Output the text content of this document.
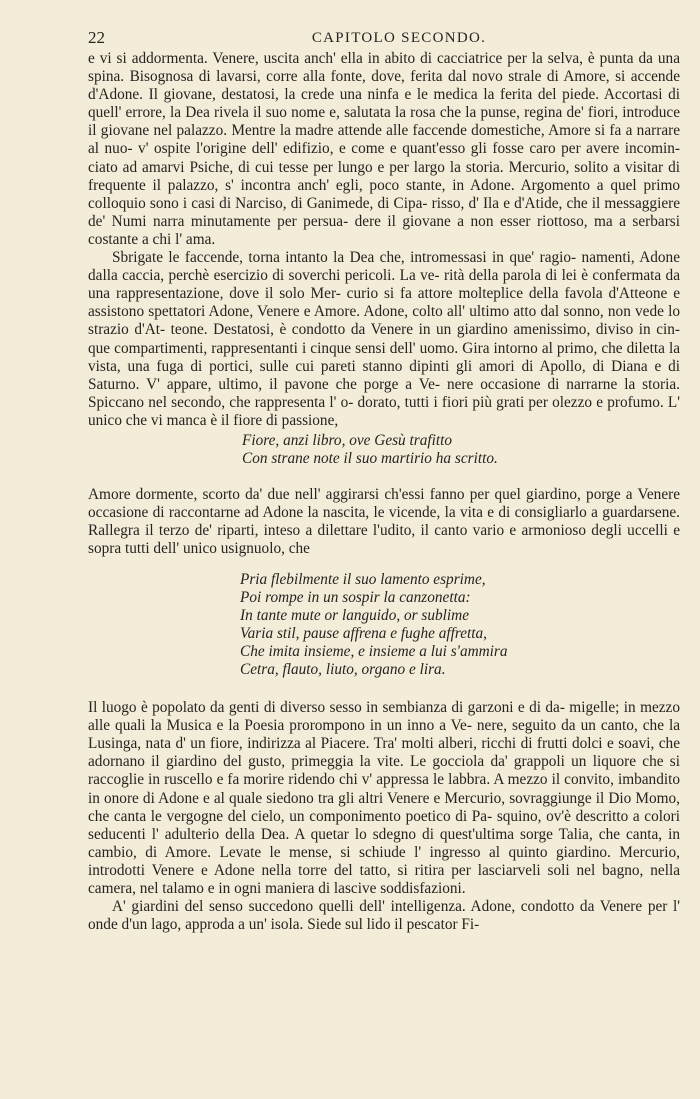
22	CAPITOLO SECONDO.

e vi si addormenta. Venere, uscita anch' ella in abito di cacciatrice per la selva, è punta da una spina. Bisognosa di lavarsi, corre alla fonte, dove, ferita dal novo strale di Amore, si accende d'Adone. Il giovane, destatosi, la crede una ninfa e le medica la ferita del piede. Accortasi di quell' errore, la Dea rivela il suo nome e, salutata la rosa che la punse, regina de' fiori, introduce il giovane nel palazzo. Mentre la madre attende alle faccende domestiche, Amore si fa a narrare al nuo- v' ospite l'origine dell' edifizio, e come e quant'esso gli fosse caro per avere incomin- ciato ad amarvi Psiche, di cui tesse per lungo e per largo la storia. Mercurio, solito a visitar di frequente il palazzo, s' incontra anch' egli, poco stante, in Adone. Argomento a quel primo colloquio sono i casi di Narciso, di Ganimede, di Cipa- risso, d' Ila e d'Atide, che il messaggiere de' Numi narra minutamente per persua- dere il giovane a non esser riottoso, ma a serbarsi costante a chi l' ama.

Sbrigate le faccende, torna intanto la Dea che, intromessasi in que' ragio- namenti, Adone dalla caccia, perchè esercizio di soverchi pericoli. La ve- rità della parola di lei è confermata da una rappresentazione, dove il solo Mer- curio si fa attore molteplice della favola d'Atteone e assistono spettatori Adone, Venere e Amore. Adone, colto all' ultimo atto dal sonno, non vede lo strazio d'At- teone. Destatosi, è condotto da Venere in un giardino amenissimo, diviso in cin- que compartimenti, rappresentanti i cinque sensi dell' uomo. Gira intorno al primo, che diletta la vista, una fuga di portici, sulle cui pareti stanno dipinti gli amori di Apollo, di Diana e di Saturno. V' appare, ultimo, il pavone che porge a Ve- nere occasione di narrarne la storia. Spiccano nel secondo, che rappresenta l' o- dorato, tutti i fiori più grati per olezzo e profumo. L' unico che vi manca è il fiore di passione,

Fiore, anzi libro, ove Gesù trafitto
Con strane note il suo martirio ha scritto.

Amore dormente, scorto da' due nell' aggirarsi ch'essi fanno per quel giardino, porge a Venere occasione di raccontarne ad Adone la nascita, le vicende, la vita e di consigliarlo a guardarsene. Rallegra il terzo de' riparti, inteso a dilettare l'udito, il canto vario e armonioso degli uccelli e sopra tutti dell' unico usignuolo, che

Pria flebilmente il suo lamento esprime,
Poi rompe in un sospir la canzonetta:
In tante mute or languido, or sublime
Varia stil, pause affrena e fughe affretta,
Che imita insieme, e insieme a lui s'ammira
Cetra, flauto, liuto, organo e lira.

Il luogo è popolato da genti di diverso sesso in sembianza di garzoni e di da- migelle; in mezzo alle quali la Musica e la Poesia prorompono in un inno a Ve- nere, seguito da un canto, che la Lusinga, nata d' un fiore, indirizza al Piacere. Tra' molti alberi, ricchi di frutti dolci e soavi, che adornano il giardino del gusto, primeggia la vite. Le gocciola da' grappoli un liquore che si raccoglie in ruscello e fa morire ridendo chi v' appressa le labbra. A mezzo il convito, imbandito in onore di Adone e al quale siedono tra gli altri Venere e Mercurio, sovraggiunge il Dio Momo, che canta le vergogne del cielo, un componimento poetico di Pa- squino, ov'è descritto a colori seducenti l' adulterio della Dea. A quetar lo sdegno di quest'ultima sorge Talia, che canta, in cambio, di Amore. Levate le mense, si schiude l' ingresso al quinto giardino. Mercurio, introdotti Venere e Adone nella torre del tatto, si ritira per lasciarveli soli nel bagno, nella camera, nel talamo e in ogni maniera di lascive soddisfazioni.

A' giardini del senso succedono quelli dell' intelligenza. Adone, condotto da Venere per l' onde d'un lago, approda a un' isola. Siede sul lido il pescator Fi-
